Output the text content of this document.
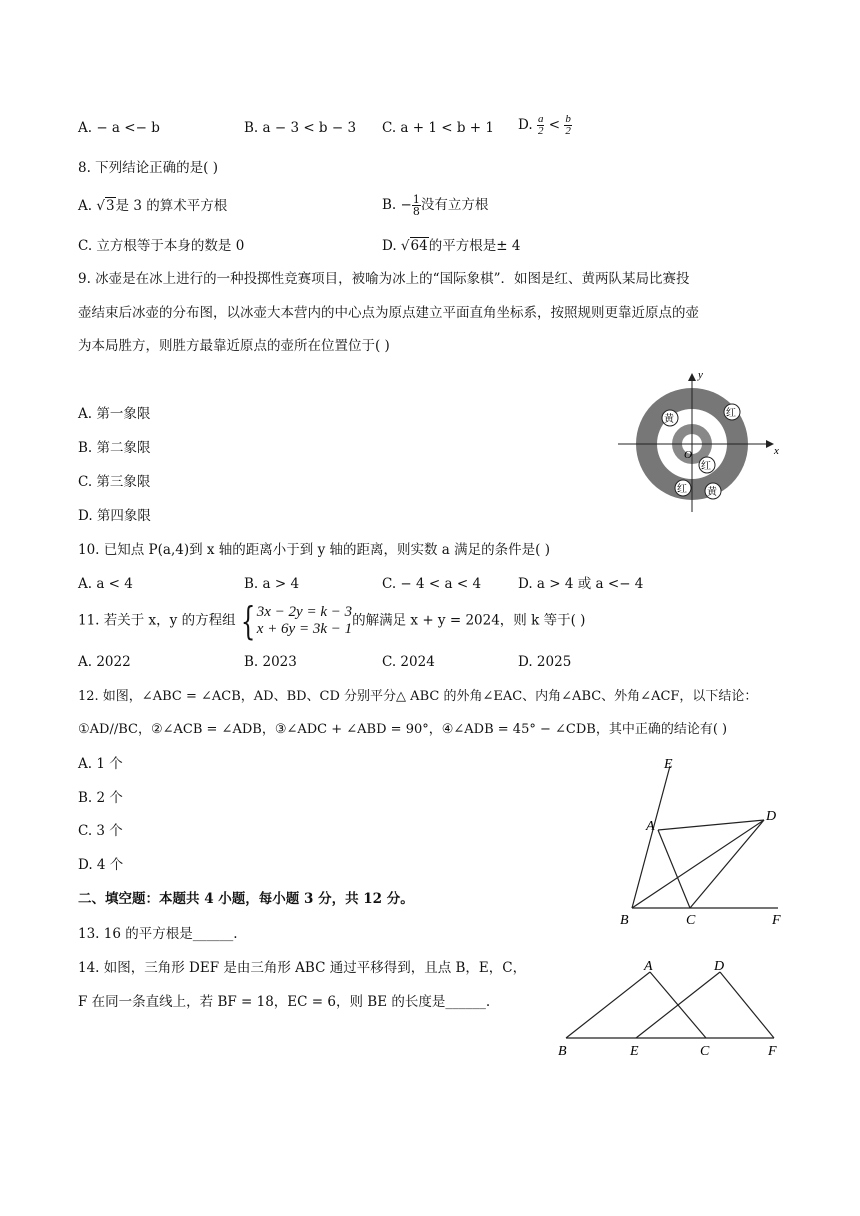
A. − a <− b	B. a − 3 < b − 3 C. a + 1 < b + 1 D. $\frac{a}{2} < \frac{b}{2}$
8. 下列结论正确的是( )
A. √3是 3 的算术平方根	B. − $\frac{1}{8}$ 没有立方根
C. 立方根等于本身的数是 0	D. √64的平方根是± 4
9. 冰壶是在冰上进行的一种投掷性竞赛项目，被喻为冰上的“国际象棋”．如图是红、黄两队某局比赛投
壶结束后冰壶的分布图，以冰壶大本营内的中心点为原点建立平面直角坐标系，按照规则更靠近原点的壶
为本局胜方，则胜方最靠近原点的壶所在位置位于( )
A. 第一象限
B. 第二象限
C. 第三象限
D. 第四象限
y
x
O
黄
红
红
红 黄
10. 已知点 P(a,4)到 x 轴的距离小于到 y 轴的距离，则实数 a 满足的条件是( )
A. a < 4	B. a > 4	C. − 4 < a < 4	D. a > 4 或 a <− 4
11. 若关于 x，y 的方程组 { 3x − 2y = k − 3
x + 6y = 3k − 1
的解满足 x + y = 2024，则 k 等于( )
A. 2022	B. 2023	C. 2024	D. 2025
12. 如图，∠ABC = ∠ACB，AD、BD、CD 分别平分△ ABC 的外角∠EAC、内角∠ABC、外角∠ACF，以下结论：
①AD//BC，②∠ACB = ∠ADB，③∠ADC + ∠ABD = 90°，④∠ADB = 45° − ∠CDB，其中正确的结论有( )
A. 1 个
B. 2 个
C. 3 个
D. 4 个
E
A
D
B	C	F
二、填空题：本题共 4 小题，每小题 3 分，共 12 分。
13. 16 的平方根是______.
14. 如图，三角形 DEF 是由三角形 ABC 通过平移得到，且点 B，E，C，
F 在同一条直线上，若 BF = 18，EC = 6，则 BE 的长度是______.
A	D
B	E	C	F
